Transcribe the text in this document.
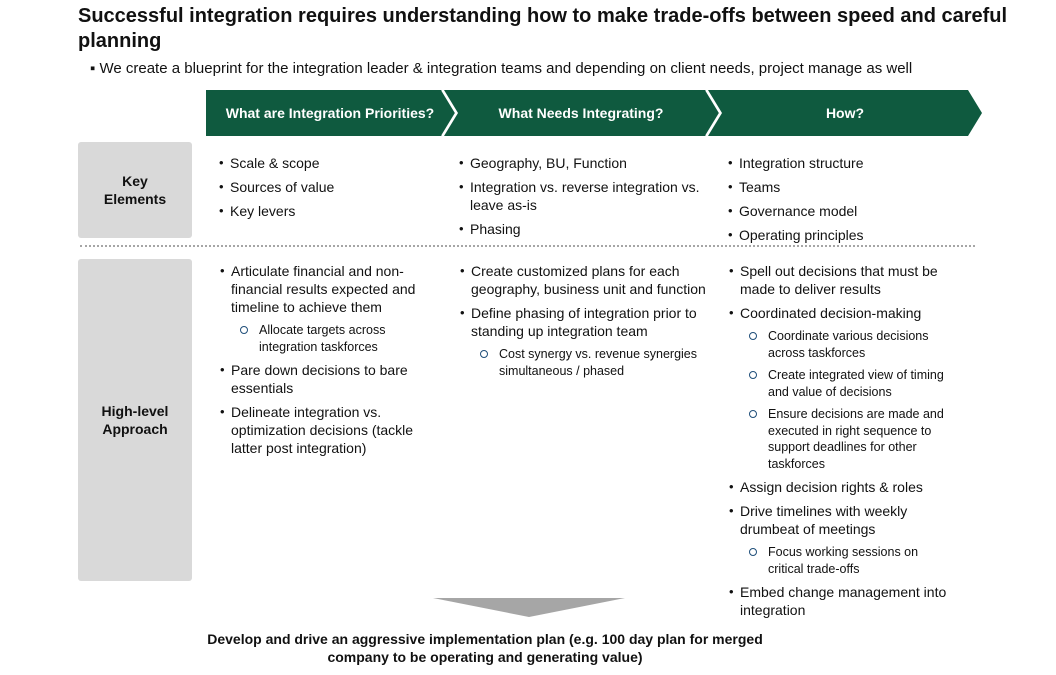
Successful integration requires understanding how to make trade-offs between speed and careful planning
▪ We create a blueprint for the integration leader & integration teams and depending on client needs, project manage as well
What are Integration Priorities?	What Needs Integrating?	How?
Key
Elements
High-level
Approach
• Scale & scope
• Sources of value
• Key levers
• Geography, BU, Function
• Integration vs. reverse integration vs. leave as-is
• Phasing
• Integration structure
• Teams
• Governance model
• Operating principles
• Articulate financial and non-financial results expected and timeline to achieve them
Allocate targets across integration taskforces
• Pare down decisions to bare essentials
• Delineate integration vs. optimization decisions (tackle latter post integration)
• Create customized plans for each geography, business unit and function
• Define phasing of integration prior to standing up integration team
Cost synergy vs. revenue synergies simultaneous / phased
• Spell out decisions that must be made to deliver results
• Coordinated decision-making
Coordinate various decisions across taskforces
Create integrated view of timing and value of decisions
Ensure decisions are made and executed in right sequence to support deadlines for other taskforces
• Assign decision rights & roles
• Drive timelines with weekly drumbeat of meetings
Focus working sessions on critical trade-offs
• Embed change management into integration
Develop and drive an aggressive implementation plan (e.g. 100 day plan for merged company to be operating and generating value)
